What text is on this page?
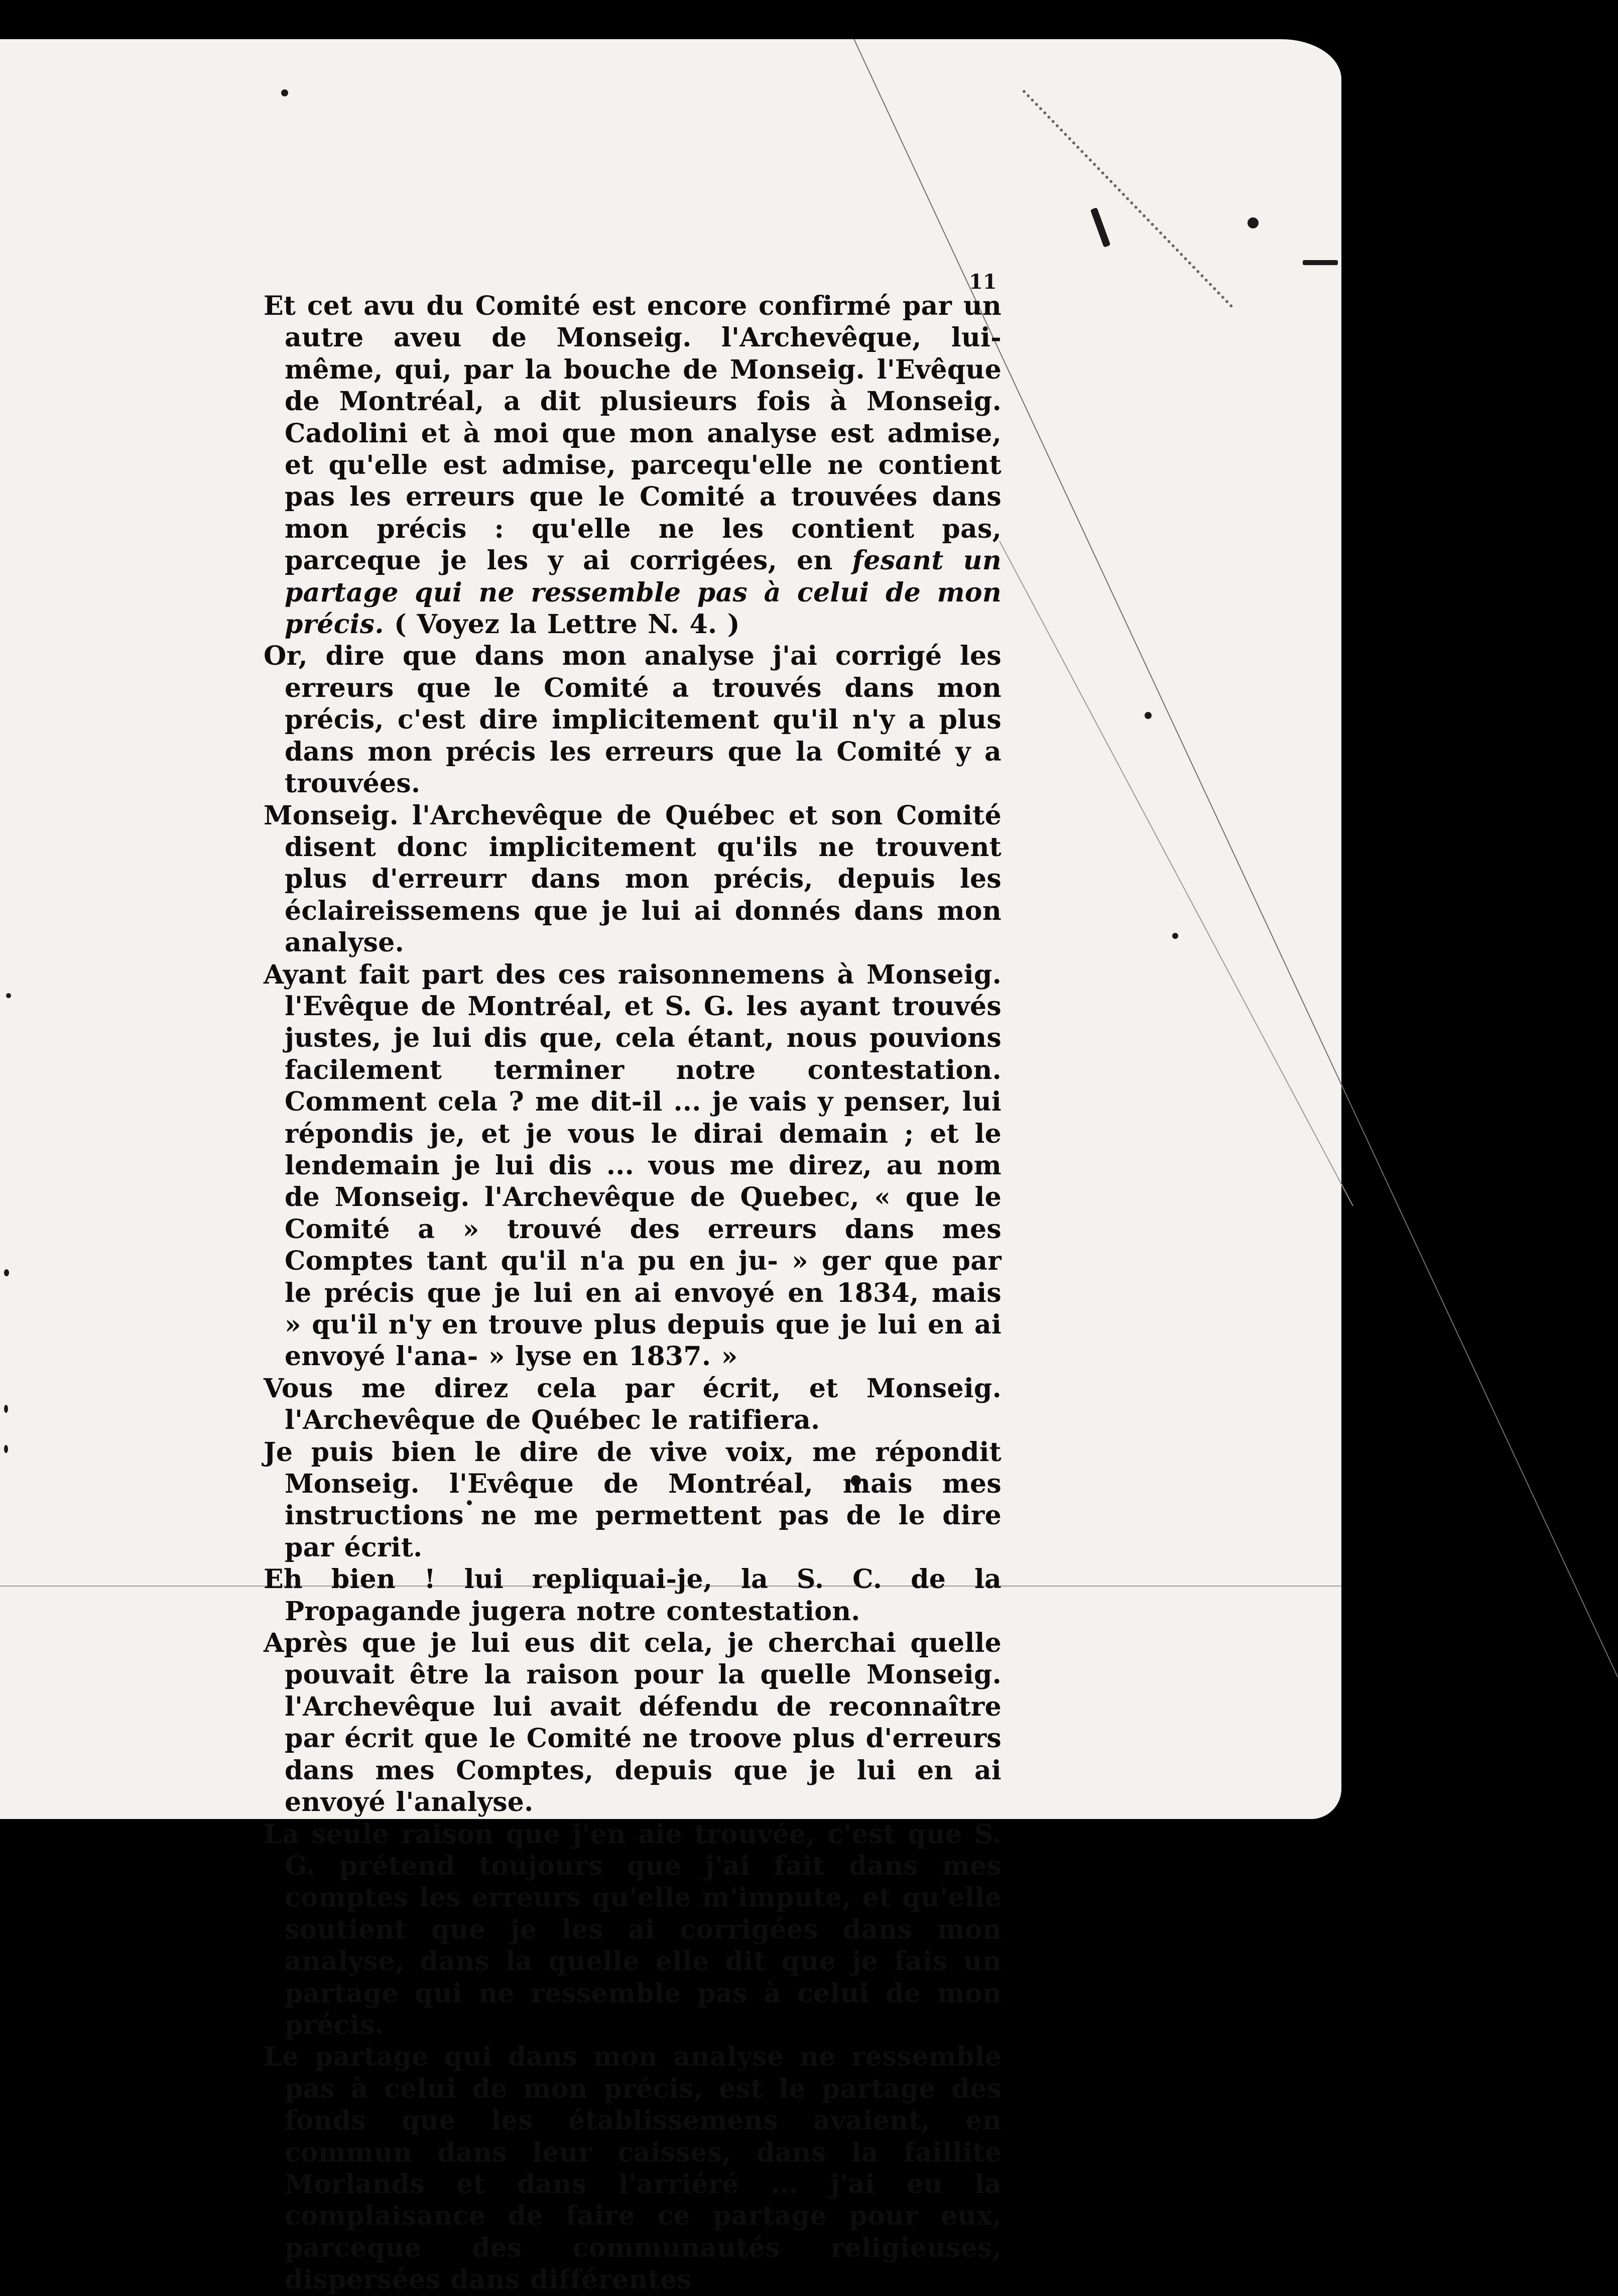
11

Et cet avu du Comité est encore confirmé par un autre aveu de Monseig. l'Archevêque, lui-même, qui, par la bouche de Monseig. l'Evêque de Montréal, a dit plusieurs fois à Monseig. Cadolini et à moi que mon analyse est admise, et qu'elle est admise, parcequ'elle ne contient pas les erreurs que le Comité a trouvées dans mon précis : qu'elle ne les contient pas, parceque je les y ai corrigées, en fesant un partage qui ne ressemble pas à celui de mon précis. ( Voyez la Lettre N. 4. )

Or, dire que dans mon analyse j'ai corrigé les erreurs que le Comité a trouvés dans mon précis, c'est dire implicitement qu'il n'y a plus dans mon précis les erreurs que la Comité y a trouvées.

Monseig. l'Archevêque de Québec et son Comité disent donc implicitement qu'ils ne trouvent plus d'erreurr dans mon précis, depuis les éclaireissemens que je lui ai donnés dans mon analyse.

Ayant fait part des ces raisonnemens à Monseig. l'Evêque de Montréal, et S. G. les ayant trouvés justes, je lui dis que, cela étant, nous pouvions facilement terminer notre contestation. Comment cela ? me dit-il ... je vais y penser, lui répondis je, et je vous le dirai demain ; et le lendemain je lui dis ... vous me direz, au nom de Monseig. l'Archevêque de Quebec, « que le Comité a » trouvé des erreurs dans mes Comptes tant qu'il n'a pu en ju- » ger que par le précis que je lui en ai envoyé en 1834, mais » qu'il n'y en trouve plus depuis que je lui en ai envoyé l'ana- » lyse en 1837. »

Vous me direz cela par écrit, et Monseig. l'Archevêque de Québec le ratifiera.

Je puis bien le dire de vive voix, me répondit Monseig. l'Evêque de Montréal, mais mes instructions ne me permettent pas de le dire par écrit.

Eh bien ! lui repliquai-je, la S. C. de la Propagande jugera notre contestation.

Après que je lui eus dit cela, je cherchai quelle pouvait être la raison pour la quelle Monseig. l'Archevêque lui avait défendu de reconnaître par écrit que le Comité ne troove plus d'erreurs dans mes Comptes, depuis que je lui en ai envoyé l'analyse.

La seule raison que j'en aie trouvée, c'est que S. G. prétend toujours que j'ai fait dans mes comptes les erreurs qu'elle m'impute, et qu'elle soutient que je les ai corrigées dans mon analyse, dans la quelle elle dit que je fais un partage qui ne ressemble pas à celui de mon précis.

Le partage qui dans mon analyse ne ressemble pas à celui de mon précis, est le partage des fonds que les établissemens avaient, en commun dans leur caisses, dans la faillite Morlands et dans l'arriéré ... j'ai eu la complaisance de faire ce partage pour eux, parceque des communautés religieuses, dispersées dans différentes
